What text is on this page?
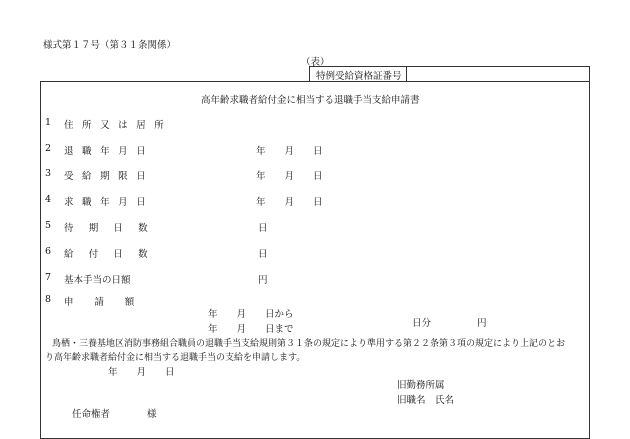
様式第１７号（第３１条関係）
（表）
特例受給資格証番号
高年齢求職者給付金に相当する退職手当支給申請書
1 住所又は居所
2 退職年月日	年　　月　　日
3 受給期限日	年　　月　　日
4 求職年月日	年　　月　　日
5 待期日数	日
6 給付日数	日
7 基本手当の日額	円
8 申請額
年　　月　　日から
年　　月　　日まで
日分	円
鳥栖・三養基地区消防事務組合職員の退職手当支給規則第３１条の規定により準用する第２２条第３項の規定により上記のとお
り高年齢求職者給付金に相当する退職手当の支給を申請します。
年　　月　　日
旧勤務所属
旧職名　氏名
任命権者	様
